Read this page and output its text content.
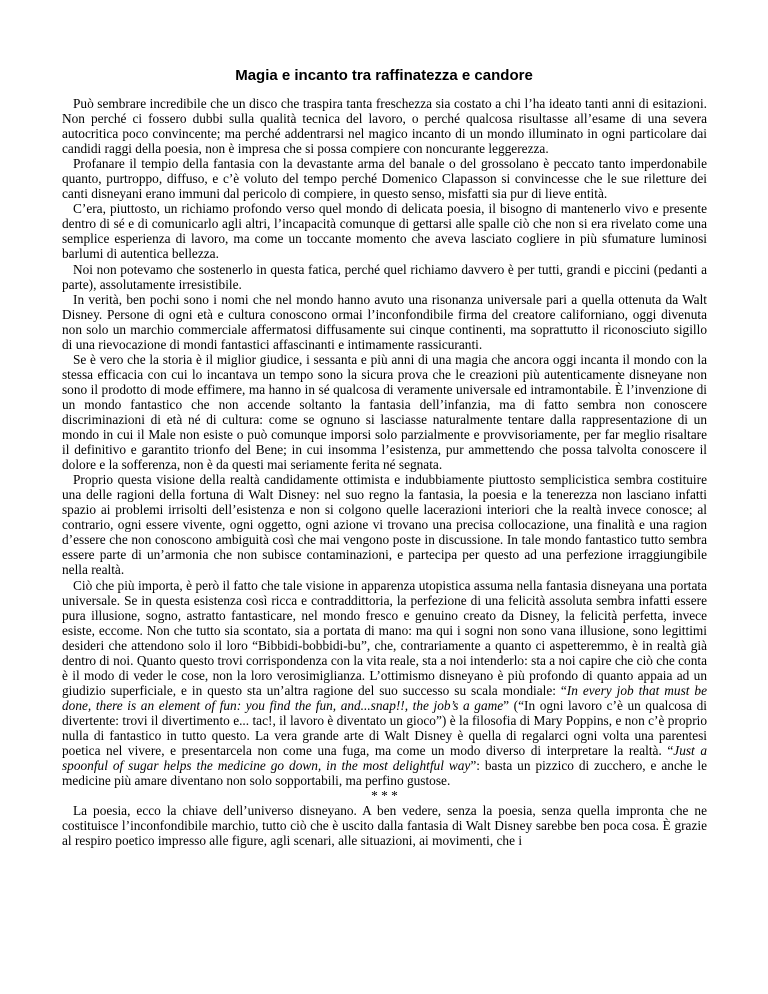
Magia e incanto tra raffinatezza e candore

Può sembrare incredibile che un disco che traspira tanta freschezza sia costato a chi l’ha ideato tanti anni di esitazioni. Non perché ci fossero dubbi sulla qualità tecnica del lavoro, o perché qualcosa risultasse all’esame di una severa autocritica poco convincente; ma perché addentrarsi nel magico incanto di un mondo illuminato in ogni particolare dai candidi raggi della poesia, non è impresa che si possa compiere con noncurante leggerezza.

Profanare il tempio della fantasia con la devastante arma del banale o del grossolano è peccato tanto imperdonabile quanto, purtroppo, diffuso, e c’è voluto del tempo perché Domenico Clapasson si convincesse che le sue riletture dei canti disneyani erano immuni dal pericolo di compiere, in questo senso, misfatti sia pur di lieve entità.

C’era, piuttosto, un richiamo profondo verso quel mondo di delicata poesia, il bisogno di mantenerlo vivo e presente dentro di sé e di comunicarlo agli altri, l’incapacità comunque di gettarsi alle spalle ciò che non si era rivelato come una semplice esperienza di lavoro, ma come un toccante momento che aveva lasciato cogliere in più sfumature luminosi barlumi di autentica bellezza.

Noi non potevamo che sostenerlo in questa fatica, perché quel richiamo davvero è per tutti, grandi e piccini (pedanti a parte), assolutamente irresistibile.

In verità, ben pochi sono i nomi che nel mondo hanno avuto una risonanza universale pari a quella ottenuta da Walt Disney. Persone di ogni età e cultura conoscono ormai l’inconfondibile firma del creatore californiano, oggi divenuta non solo un marchio commerciale affermatosi diffusamente sui cinque continenti, ma soprattutto il riconosciuto sigillo di una rievocazione di mondi fantastici affascinanti e intimamente rassicuranti.

Se è vero che la storia è il miglior giudice, i sessanta e più anni di una magia che ancora oggi incanta il mondo con la stessa efficacia con cui lo incantava un tempo sono la sicura prova che le creazioni più autenticamente disneyane non sono il prodotto di mode effimere, ma hanno in sé qualcosa di veramente universale ed intramontabile. È l’invenzione di un mondo fantastico che non accende soltanto la fantasia dell’infanzia, ma di fatto sembra non conoscere discriminazioni di età né di cultura: come se ognuno si lasciasse naturalmente tentare dalla rappresentazione di un mondo in cui il Male non esiste o può comunque imporsi solo parzialmente e provvisoriamente, per far meglio risaltare il definitivo e garantito trionfo del Bene; in cui insomma l’esistenza, pur ammettendo che possa talvolta conoscere il dolore e la sofferenza, non è da questi mai seriamente ferita né segnata.

Proprio questa visione della realtà candidamente ottimista e indubbiamente piuttosto semplicistica sembra costituire una delle ragioni della fortuna di Walt Disney: nel suo regno la fantasia, la poesia e la tenerezza non lasciano infatti spazio ai problemi irrisolti dell’esistenza e non si colgono quelle lacerazioni interiori che la realtà invece conosce; al contrario, ogni essere vivente, ogni oggetto, ogni azione vi trovano una precisa collocazione, una finalità e una ragion d’essere che non conoscono ambiguità così che mai vengono poste in discussione. In tale mondo fantastico tutto sembra essere parte di un’armonia che non subisce contaminazioni, e partecipa per questo ad una perfezione irraggiungibile nella realtà.

Ciò che più importa, è però il fatto che tale visione in apparenza utopistica assuma nella fantasia disneyana una portata universale. Se in questa esistenza così ricca e contraddittoria, la perfezione di una felicità assoluta sembra infatti essere pura illusione, sogno, astratto fantasticare, nel mondo fresco e genuino creato da Disney, la felicità perfetta, invece esiste, eccome. Non che tutto sia scontato, sia a portata di mano: ma qui i sogni non sono vana illusione, sono legittimi desideri che attendono solo il loro “Bibbidi-bobbidi-bu”, che, contrariamente a quanto ci aspetteremmo, è in realtà già dentro di noi. Quanto questo trovi corrispondenza con la vita reale, sta a noi intenderlo: sta a noi capire che ciò che conta è il modo di veder le cose, non la loro verosimiglianza. L’ottimismo disneyano è più profondo di quanto appaia ad un giudizio superficiale, e in questo sta un’altra ragione del suo successo su scala mondiale: “In every job that must be done, there is an element of fun: you find the fun, and...snap!!, the job’s a game” (“In ogni lavoro c’è un qualcosa di divertente: trovi il divertimento e... tac!, il lavoro è diventato un gioco”) è la filosofia di Mary Poppins, e non c’è proprio nulla di fantastico in tutto questo. La vera grande arte di Walt Disney è quella di regalarci ogni volta una parentesi poetica nel vivere, e presentarcela non come una fuga, ma come un modo diverso di interpretare la realtà. “Just a spoonful of sugar helps the medicine go down, in the most delightful way”: basta un pizzico di zucchero, e anche le medicine più amare diventano non solo sopportabili, ma perfino gustose.

* * *

La poesia, ecco la chiave dell’universo disneyano. A ben vedere, senza la poesia, senza quella impronta che ne costituisce l’inconfondibile marchio, tutto ciò che è uscito dalla fantasia di Walt Disney sarebbe ben poca cosa. È grazie al respiro poetico impresso alle figure, agli scenari, alle situazioni, ai movimenti, che i
